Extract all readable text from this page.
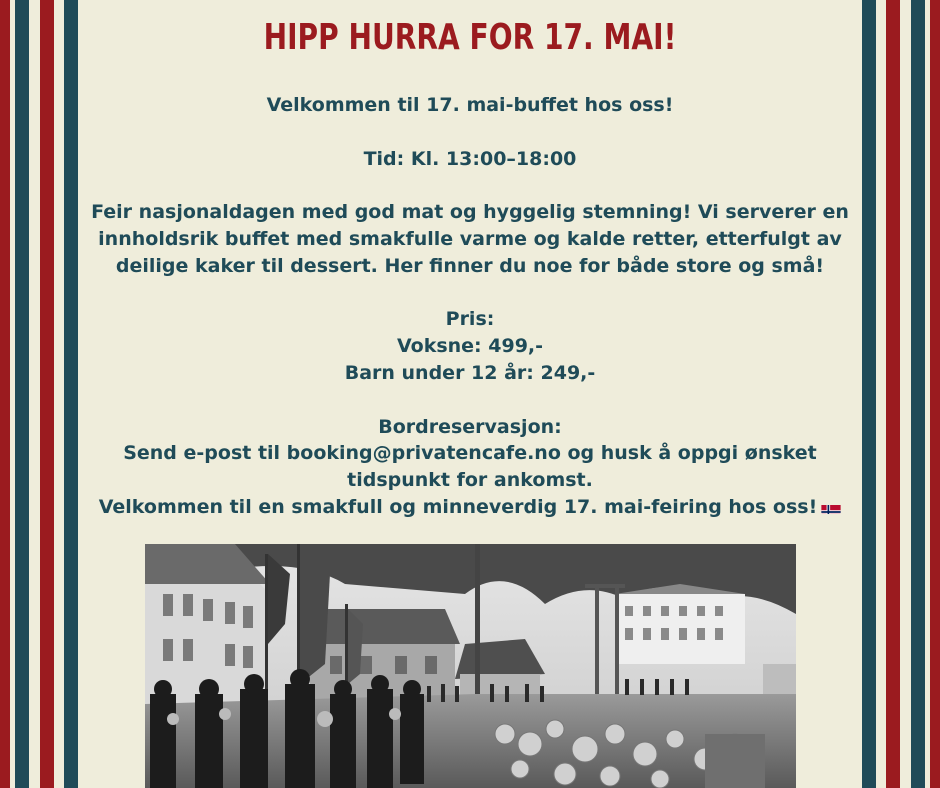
HIPP HURRA FOR 17. MAI!

Velkommen til 17. mai-buffet hos oss!

Tid: Kl. 13:00–18:00

Feir nasjonaldagen med god mat og hyggelig stemning! Vi serverer en innholdsrik buffet med smakfulle varme og kalde retter, etterfulgt av deilige kaker til dessert. Her finner du noe for både store og små!

Pris:

Voksne: 499,-

Barn under 12 år: 249,-

Bordreservasjon:

Send e-post til booking@privatencafe.no og husk å oppgi ønsket tidspunkt for ankomst.

Velkommen til en smakfull og minneverdig 17. mai-feiring hos oss!
